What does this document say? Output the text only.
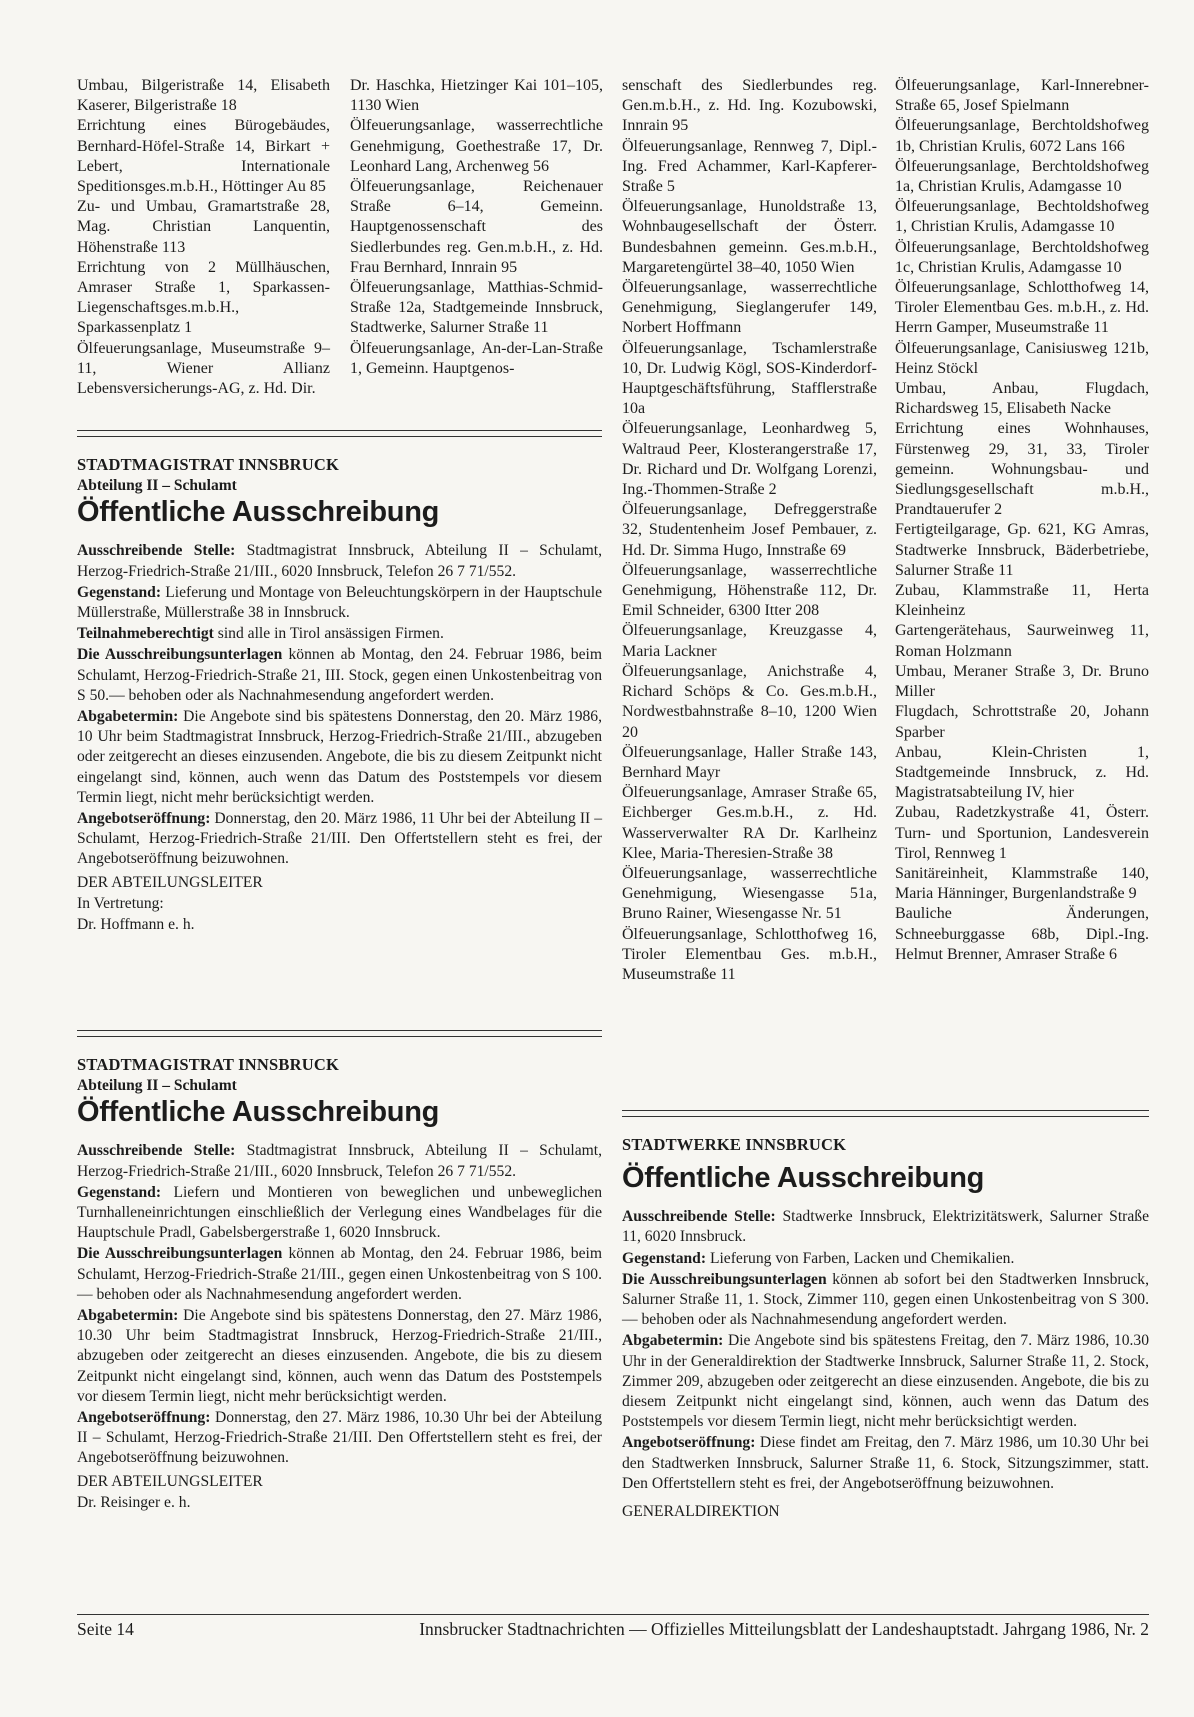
Umbau, Bilgeristraße 14, Elisabeth Kaserer, Bilgeristraße 18

Errichtung eines Bürogebäudes, Bernhard-Höfel-Straße 14, Birkart + Lebert, Internationale Speditionsges.m.b.H., Höttinger Au 85

Zu- und Umbau, Gramartstraße 28, Mag. Christian Lanquentin, Höhenstraße 113

Errichtung von 2 Müllhäuschen, Amraser Straße 1, Sparkassen-Liegenschaftsges.m.b.H., Sparkassenplatz 1

Ölfeuerungsanlage, Museumstraße 9–11, Wiener Allianz Lebensversicherungs-AG, z. Hd. Dir.

Dr. Haschka, Hietzinger Kai 101–105, 1130 Wien

Ölfeuerungsanlage, wasserrechtliche Genehmigung, Goethestraße 17, Dr. Leonhard Lang, Archenweg 56

Ölfeuerungsanlage, Reichenauer Straße 6–14, Gemeinn. Hauptgenossenschaft des Siedlerbundes reg. Gen.m.b.H., z. Hd. Frau Bernhard, Innrain 95

Ölfeuerungsanlage, Matthias-Schmid-Straße 12a, Stadtgemeinde Innsbruck, Stadtwerke, Salurner Straße 11

Ölfeuerungsanlage, An-der-Lan-Straße 1, Gemeinn. Hauptgenos-

STADTMAGISTRAT INNSBRUCK

Abteilung II – Schulamt

Öffentliche Ausschreibung

Ausschreibende Stelle: Stadtmagistrat Innsbruck, Abteilung II – Schulamt, Herzog-Friedrich-Straße 21/III., 6020 Innsbruck, Telefon 26 7 71/552.

Gegenstand: Lieferung und Montage von Beleuchtungskörpern in der Hauptschule Müllerstraße, Müllerstraße 38 in Innsbruck.

Teilnahmeberechtigt sind alle in Tirol ansässigen Firmen.

Die Ausschreibungsunterlagen können ab Montag, den 24. Februar 1986, beim Schulamt, Herzog-Friedrich-Straße 21, III. Stock, gegen einen Unkostenbeitrag von S 50.— behoben oder als Nachnahmesendung angefordert werden.

Abgabetermin: Die Angebote sind bis spätestens Donnerstag, den 20. März 1986, 10 Uhr beim Stadtmagistrat Innsbruck, Herzog-Friedrich-Straße 21/III., abzugeben oder zeitgerecht an dieses einzusenden. Angebote, die bis zu diesem Zeitpunkt nicht eingelangt sind, können, auch wenn das Datum des Poststempels vor diesem Termin liegt, nicht mehr berücksichtigt werden.

Angebotseröffnung: Donnerstag, den 20. März 1986, 11 Uhr bei der Abteilung II – Schulamt, Herzog-Friedrich-Straße 21/III. Den Offertstellern steht es frei, der Angebotseröffnung beizuwohnen.

DER ABTEILUNGSLEITER

In Vertretung:

Dr. Hoffmann e. h.

STADTMAGISTRAT INNSBRUCK

Abteilung II – Schulamt

Öffentliche Ausschreibung

Ausschreibende Stelle: Stadtmagistrat Innsbruck, Abteilung II – Schulamt, Herzog-Friedrich-Straße 21/III., 6020 Innsbruck, Telefon 26 7 71/552.

Gegenstand: Liefern und Montieren von beweglichen und unbeweglichen Turnhalleneinrichtungen einschließlich der Verlegung eines Wandbelages für die Hauptschule Pradl, Gabelsbergerstraße 1, 6020 Innsbruck.

Die Ausschreibungsunterlagen können ab Montag, den 24. Februar 1986, beim Schulamt, Herzog-Friedrich-Straße 21/III., gegen einen Unkostenbeitrag von S 100.— behoben oder als Nachnahmesendung angefordert werden.

Abgabetermin: Die Angebote sind bis spätestens Donnerstag, den 27. März 1986, 10.30 Uhr beim Stadtmagistrat Innsbruck, Herzog-Friedrich-Straße 21/III., abzugeben oder zeitgerecht an dieses einzusenden. Angebote, die bis zu diesem Zeitpunkt nicht eingelangt sind, können, auch wenn das Datum des Poststempels vor diesem Termin liegt, nicht mehr berücksichtigt werden.

Angebotseröffnung: Donnerstag, den 27. März 1986, 10.30 Uhr bei der Abteilung II – Schulamt, Herzog-Friedrich-Straße 21/III. Den Offertstellern steht es frei, der Angebotseröffnung beizuwohnen.

DER ABTEILUNGSLEITER

Dr. Reisinger e. h.

senschaft des Siedlerbundes reg. Gen.m.b.H., z. Hd. Ing. Kozubowski, Innrain 95

Ölfeuerungsanlage, Rennweg 7, Dipl.-Ing. Fred Achammer, Karl-Kapferer-Straße 5

Ölfeuerungsanlage, Hunoldstraße 13, Wohnbaugesellschaft der Österr. Bundesbahnen gemeinn. Ges.m.b.H., Margaretengürtel 38–40, 1050 Wien

Ölfeuerungsanlage, wasserrechtliche Genehmigung, Sieglangerufer 149, Norbert Hoffmann

Ölfeuerungsanlage, Tschamlerstraße 10, Dr. Ludwig Kögl, SOS-Kinderdorf-Hauptgeschäftsführung, Stafflerstraße 10a

Ölfeuerungsanlage, Leonhardweg 5, Waltraud Peer, Klosterangerstraße 17, Dr. Richard und Dr. Wolfgang Lorenzi, Ing.-Thommen-Straße 2

Ölfeuerungsanlage, Defreggerstraße 32, Studentenheim Josef Pembauer, z. Hd. Dr. Simma Hugo, Innstraße 69

Ölfeuerungsanlage, wasserrechtliche Genehmigung, Höhenstraße 112, Dr. Emil Schneider, 6300 Itter 208

Ölfeuerungsanlage, Kreuzgasse 4, Maria Lackner

Ölfeuerungsanlage, Anichstraße 4, Richard Schöps & Co. Ges.m.b.H., Nordwestbahnstraße 8–10, 1200 Wien 20

Ölfeuerungsanlage, Haller Straße 143, Bernhard Mayr

Ölfeuerungsanlage, Amraser Straße 65, Eichberger Ges.m.b.H., z. Hd. Wasserverwalter RA Dr. Karlheinz Klee, Maria-Theresien-Straße 38

Ölfeuerungsanlage, wasserrechtliche Genehmigung, Wiesengasse 51a, Bruno Rainer, Wiesengasse Nr. 51

Ölfeuerungsanlage, Schlotthofweg 16, Tiroler Elementbau Ges. m.b.H., Museumstraße 11

Ölfeuerungsanlage, Karl-Innerebner-Straße 65, Josef Spielmann

Ölfeuerungsanlage, Berchtoldshofweg 1b, Christian Krulis, 6072 Lans 166

Ölfeuerungsanlage, Berchtoldshofweg 1a, Christian Krulis, Adamgasse 10

Ölfeuerungsanlage, Bechtoldshofweg 1, Christian Krulis, Adamgasse 10

Ölfeuerungsanlage, Berchtoldshofweg 1c, Christian Krulis, Adamgasse 10

Ölfeuerungsanlage, Schlotthofweg 14, Tiroler Elementbau Ges. m.b.H., z. Hd. Herrn Gamper, Museumstraße 11

Ölfeuerungsanlage, Canisiusweg 121b, Heinz Stöckl

Umbau, Anbau, Flugdach, Richardsweg 15, Elisabeth Nacke

Errichtung eines Wohnhauses, Fürstenweg 29, 31, 33, Tiroler gemeinn. Wohnungsbau- und Siedlungsgesellschaft m.b.H., Prandtauerufer 2

Fertigteilgarage, Gp. 621, KG Amras, Stadtwerke Innsbruck, Bäderbetriebe, Salurner Straße 11

Zubau, Klammstraße 11, Herta Kleinheinz

Gartengerätehaus, Saurweinweg 11, Roman Holzmann

Umbau, Meraner Straße 3, Dr. Bruno Miller

Flugdach, Schrottstraße 20, Johann Sparber

Anbau, Klein-Christen 1, Stadtgemeinde Innsbruck, z. Hd. Magistratsabteilung IV, hier

Zubau, Radetzkystraße 41, Österr. Turn- und Sportunion, Landesverein Tirol, Rennweg 1

Sanitäreinheit, Klammstraße 140, Maria Hänninger, Burgenlandstraße 9

Bauliche Änderungen, Schneeburggasse 68b, Dipl.-Ing. Helmut Brenner, Amraser Straße 6

STADTWERKE INNSBRUCK

Öffentliche Ausschreibung

Ausschreibende Stelle: Stadtwerke Innsbruck, Elektrizitätswerk, Salurner Straße 11, 6020 Innsbruck.

Gegenstand: Lieferung von Farben, Lacken und Chemikalien.

Die Ausschreibungsunterlagen können ab sofort bei den Stadtwerken Innsbruck, Salurner Straße 11, 1. Stock, Zimmer 110, gegen einen Unkostenbeitrag von S 300.— behoben oder als Nachnahmesendung angefordert werden.

Abgabetermin: Die Angebote sind bis spätestens Freitag, den 7. März 1986, 10.30 Uhr in der Generaldirektion der Stadtwerke Innsbruck, Salurner Straße 11, 2. Stock, Zimmer 209, abzugeben oder zeitgerecht an diese einzusenden. Angebote, die bis zu diesem Zeitpunkt nicht eingelangt sind, können, auch wenn das Datum des Poststempels vor diesem Termin liegt, nicht mehr berücksichtigt werden.

Angebotseröffnung: Diese findet am Freitag, den 7. März 1986, um 10.30 Uhr bei den Stadtwerken Innsbruck, Salurner Straße 11, 6. Stock, Sitzungszimmer, statt. Den Offertstellern steht es frei, der Angebotseröffnung beizuwohnen.

GENERALDIREKTION

Seite 14	Innsbrucker Stadtnachrichten — Offizielles Mitteilungsblatt der Landeshauptstadt. Jahrgang 1986, Nr. 2
